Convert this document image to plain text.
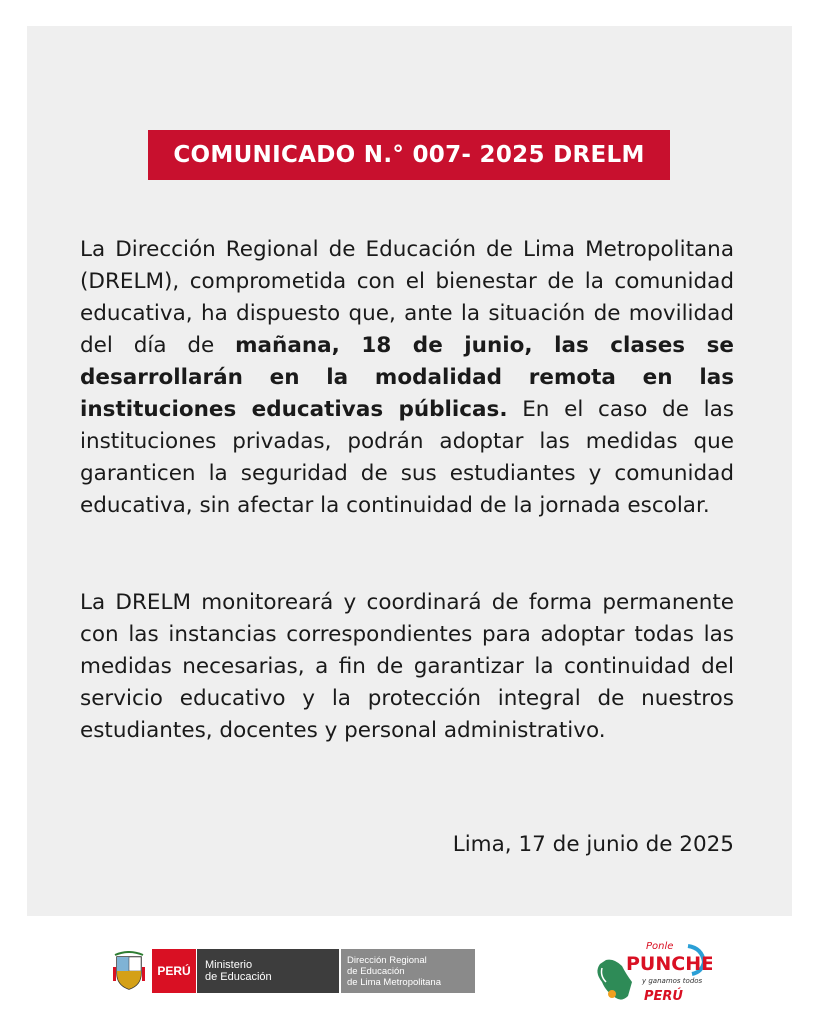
COMUNICADO N.° 007- 2025 DRELM
La Dirección Regional de Educación de Lima Metropolitana (DRELM), comprometida con el bienestar de la comunidad educativa, ha dispuesto que, ante la situación de movilidad del día de mañana, 18 de junio, las clases se desarrollarán en la modalidad remota en las instituciones educativas públicas. En el caso de las instituciones privadas, podrán adoptar las medidas que garanticen la seguridad de sus estudiantes y comunidad educativa, sin afectar la continuidad de la jornada escolar.
La DRELM monitoreará y coordinará de forma permanente con las instancias correspondientes para adoptar todas las medidas necesarias, a fin de garantizar la continuidad del servicio educativo y la protección integral de nuestros estudiantes, docentes y personal administrativo.
Lima, 17 de junio de 2025
PERÚ Ministerio
de Educación
Dirección Regional
de Educación
de Lima Metropolitana
Ponle
PUNCHE
y ganamos todos
PERÚ
